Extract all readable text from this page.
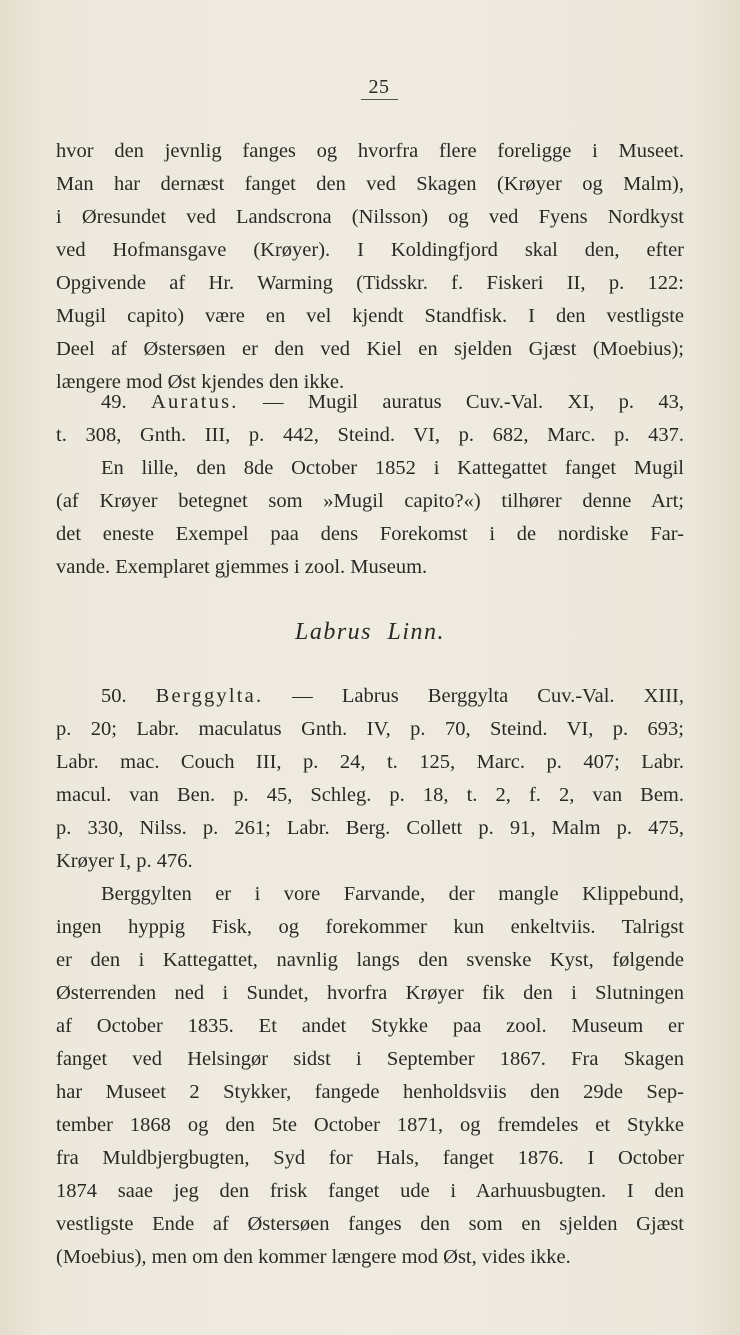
25
hvor den jevnlig fanges og hvorfra flere foreligge i Museet.
Man har dernæst fanget den ved Skagen (Krøyer og Malm),
i Øresundet ved Landscrona (Nilsson) og ved Fyens Nordkyst
ved Hofmansgave (Krøyer). I Koldingfjord skal den, efter
Opgivende af Hr. Warming (Tidsskr. f. Fiskeri II, p. 122:
Mugil capito) være en vel kjendt Standfisk. I den vestligste
Deel af Østersøen er den ved Kiel en sjelden Gjæst (Moebius);
længere mod Øst kjendes den ikke.
49. Auratus. — Mugil auratus Cuv.-Val. XI, p. 43,
t. 308, Gnth. III, p. 442, Steind. VI, p. 682, Marc. p. 437.
En lille, den 8de October 1852 i Kattegattet fanget Mugil
(af Krøyer betegnet som »Mugil capito?«) tilhører denne Art;
det eneste Exempel paa dens Forekomst i de nordiske Far-
vande. Exemplaret gjemmes i zool. Museum.
Labrus Linn.
50. Berggylta. — Labrus Berggylta Cuv.-Val. XIII,
p. 20; Labr. maculatus Gnth. IV, p. 70, Steind. VI, p. 693;
Labr. mac. Couch III, p. 24, t. 125, Marc. p. 407; Labr.
macul. van Ben. p. 45, Schleg. p. 18, t. 2, f. 2, van Bem.
p. 330, Nilss. p. 261; Labr. Berg. Collett p. 91, Malm p. 475,
Krøyer I, p. 476.
Berggylten er i vore Farvande, der mangle Klippebund,
ingen hyppig Fisk, og forekommer kun enkeltviis. Talrigst
er den i Kattegattet, navnlig langs den svenske Kyst, følgende
Østerrenden ned i Sundet, hvorfra Krøyer fik den i Slutningen
af October 1835. Et andet Stykke paa zool. Museum er
fanget ved Helsingør sidst i September 1867. Fra Skagen
har Museet 2 Stykker, fangede henholdsviis den 29de Sep-
tember 1868 og den 5te October 1871, og fremdeles et Stykke
fra Muldbjergbugten, Syd for Hals, fanget 1876. I October
1874 saae jeg den frisk fanget ude i Aarhuusbugten. I den
vestligste Ende af Østersøen fanges den som en sjelden Gjæst
(Moebius), men om den kommer længere mod Øst, vides ikke.
